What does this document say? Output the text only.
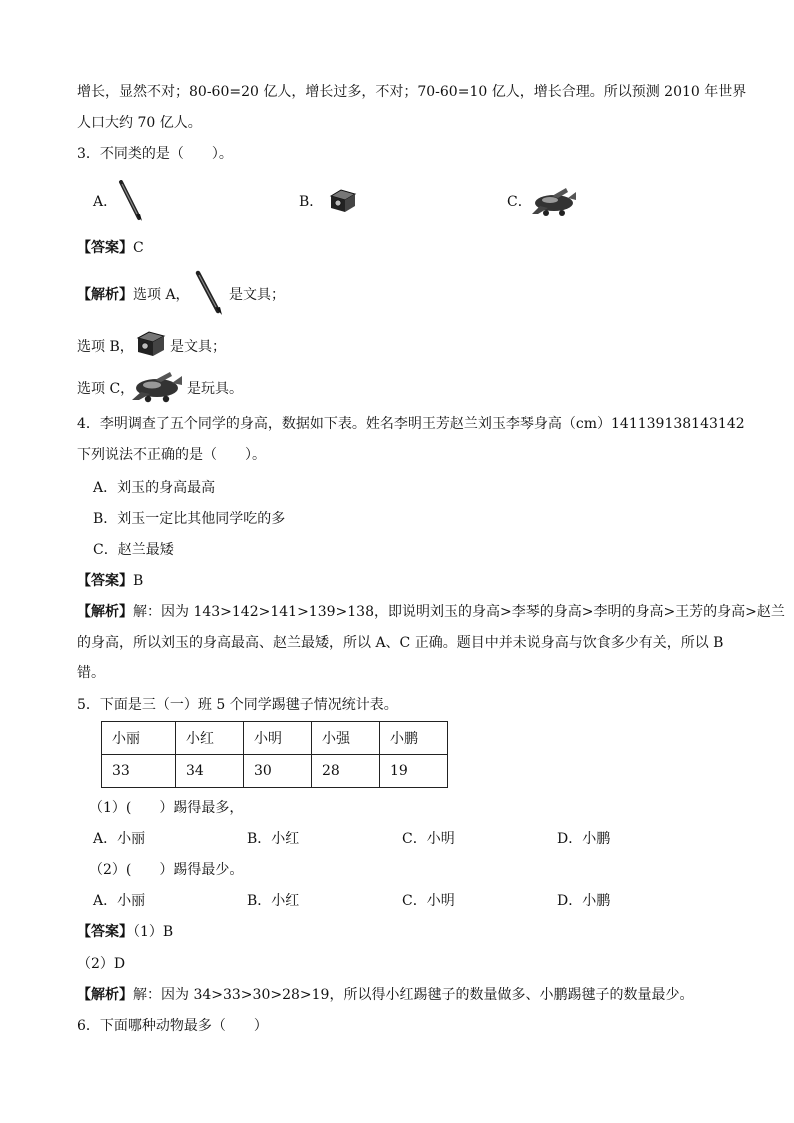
增长，显然不对；80-60=20 亿人，增长过多，不对；70-60=10 亿人，增长合理。所以预测 2010 年世界
人口大约 70 亿人。
3．不同类的是（　　）。
A．	B．	C．
【答案】C
【解析】选项 A，	是文具；
选项 B，	是文具；
选项 C，	是玩具。
4．李明调查了五个同学的身高，数据如下表。姓名李明王芳赵兰刘玉李琴身高（cm）141139138143142
下列说法不正确的是（　　）。
A．刘玉的身高最高
B．刘玉一定比其他同学吃的多
C．赵兰最矮
【答案】B
【解析】解：因为 143>142>141>139>138，即说明刘玉的身高>李琴的身高>李明的身高>王芳的身高>赵兰
的身高，所以刘玉的身高最高、赵兰最矮，所以 A、C 正确。题目中并未说身高与饮食多少有关，所以 B
错。
5．下面是三（一）班 5 个同学踢毽子情况统计表。
小丽	小红	小明	小强	小鹏
33	34	30	28	19
（1）(　　）踢得最多，
A．小丽	B．小红	C．小明	D．小鹏
（2）(　　）踢得最少。
A．小丽	B．小红	C．小明	D．小鹏
【答案】（1）B
（2）D
【解析】解：因为 34>33>30>28>19，所以得小红踢毽子的数量做多、小鹏踢毽子的数量最少。
6．下面哪种动物最多（　　）
